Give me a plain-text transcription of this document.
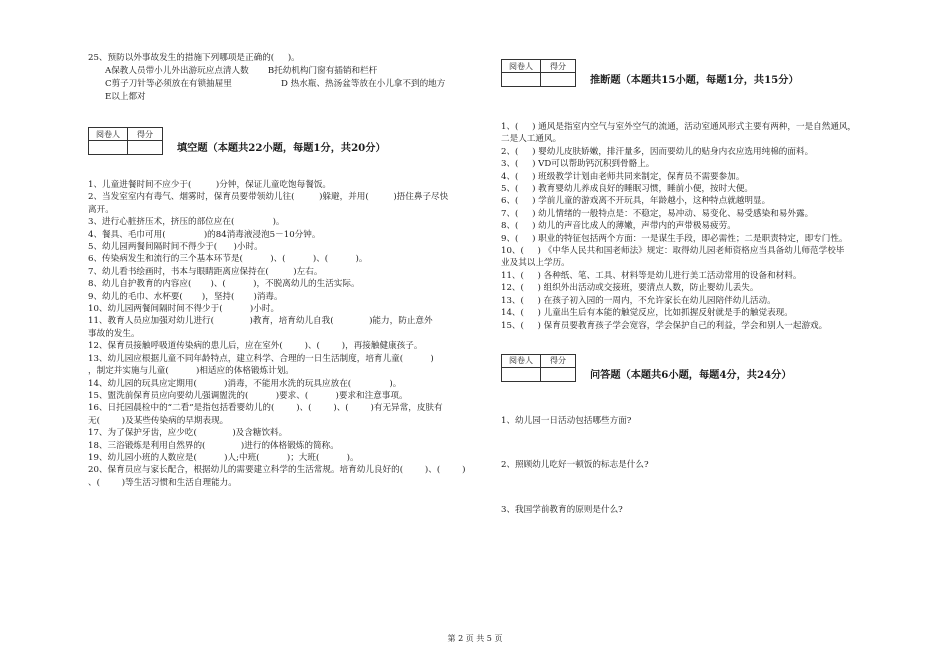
25、预防以外事故发生的措施下列哪项是正确的(     )。

A保教人员带小儿外出游玩应点清人数       B托幼机构门窗有插销和栏杆

C剪子刀针等必须放在有锁抽屉里                  D 热水瓶、热汤盆等放在小儿拿不到的地方

E以上都对

阅卷人	得分

填空题（本题共22小题，每题1分，共20分）

1、儿童进餐时间不应少于(         )分钟，保证儿童吃饱每餐饭。

2、当发室室内有毒气、烟雾时，保育员要带领幼儿往(         )躲避，并用(         )捂住鼻子尽快

离开。

3、进行心脏挤压术，挤压的部位应在(              )。

4、餐具、毛巾可用(              )的84消毒液浸泡5－10分钟。

5、幼儿园两餐间隔时间不得少于(      )小时。

6、传染病发生和流行的三个基本环节是(          )、(          )、(          )。

7、幼儿看书绘画时，书本与眼睛距离应保持在(         )左右。

8、幼儿自护教育的内容应(       )、(          )，不脱离幼儿的生活实际。

9、幼儿的毛巾、水杯要(       )，坚持(       )消毒。

10、幼儿园两餐间隔时间不得少于(          )小时。

11、教育人员应加强对幼儿进行(             )教育，培育幼儿自我(             )能力，防止意外

事故的发生。

12、保育员接触呼吸道传染病的患儿后，应在室外(        )、(        )，再接触健康孩子。

13、幼儿园应根据儿童不同年龄特点，建立科学、合理的一日生活制度，培育儿童(          )

，制定并实施与儿童(          )相适应的体格锻炼计划。

14、幼儿园的玩具应定期用(          )消毒，不能用水洗的玩具应放在(              )。

15、盥洗前保育员应向要幼儿强调盥洗的(          )要求、(          )要求和注意事项。

16、日托园晨检中的“二看”是指包括看婴幼儿的(        )、(        )、(        )有无异常，皮肤有

无(        )及某些传染病的早期表现。

17、为了保护牙齿，应少吃(             )及含糖饮料。

18、三浴锻炼是利用自然界的(             )进行的体格锻炼的简称。

19、幼儿园小班的人数应是(          )人;中班(          )；大班(          )。

20、保育员应与家长配合，根据幼儿的需要建立科学的生活常规。培育幼儿良好的(        )、(        )

、(        )等生活习惯和生活自理能力。

阅卷人	得分

推断题（本题共15小题，每题1分，共15分）

1、(     ) 通风是指室内空气与室外空气的流通，活动室通风形式主要有两种，一是自然通风，

二是人工通风。

2、(     ) 婴幼儿皮肤娇嫩，排汗量多，因而要幼儿的贴身内衣应选用纯棉的面料。

3、(     ) VD可以帮助钙沉积到骨骼上。

4、(     ) 班级教学计划由老师共同来制定，保育员不需要参加。

5、(     ) 教育婴幼儿养成良好的睡眠习惯，睡前小便，按时大便。

6、(     ) 学前儿童的游戏离不开玩具，年龄越小，这种特点就越明显。

7、(     ) 幼儿情绪的一般特点是：不稳定，易冲动、易变化、易受感染和易外露。

8、(     ) 幼儿的声音比成人的薄嫩，声带内的声带极易疲劳。

9、(     ) 职业的特征包括两个方面：一是谋生手段，即必需性；二是职责特定，即专门性。

10、(     ) 《中华人民共和国老师法》规定：取得幼儿园老师资格应当具备幼儿师范学校毕

业及其以上学历。

11、(     ) 各种纸、笔、工具、材料等是幼儿进行美工活动常用的设备和材料。

12、(     ) 组织外出活动或交接班，要清点人数，防止婴幼儿丢失。

13、(     ) 在孩子初入园的一周内，不允许家长在幼儿园陪伴幼儿活动。

14、(     ) 儿童出生后有本能的触觉反应，比如抓握反射就是手的触觉表现。

15、(     ) 保育员要教育孩子学会宽容，学会保护自己的利益，学会和别人一起游戏。

阅卷人	得分

问答题（本题共6小题，每题4分，共24分）

1、幼儿园一日活动包括哪些方面?

2、照顾幼儿吃好一顿饭的标志是什么?

3、我国学前教育的原则是什么?

第 2 页 共 5 页
